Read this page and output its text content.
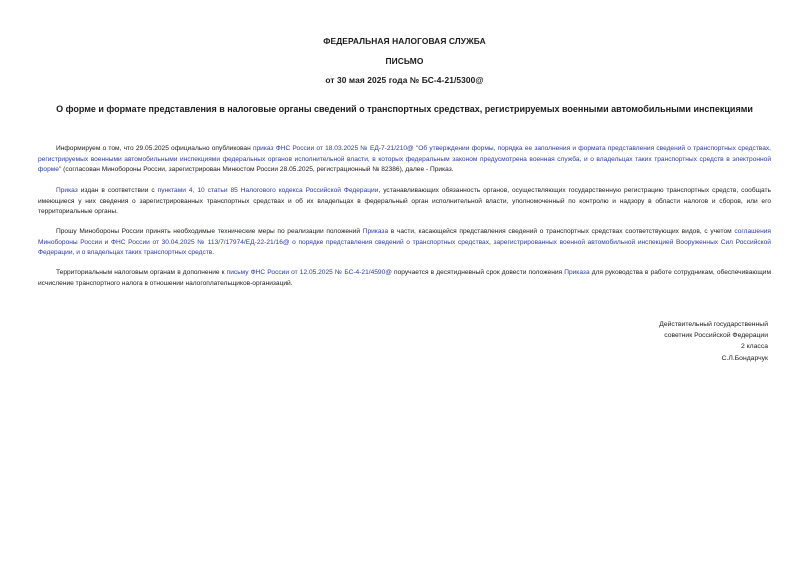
ФЕДЕРАЛЬНАЯ НАЛОГОВАЯ СЛУЖБА
ПИСЬМО
от 30 мая 2025 года № БС-4-21/5300@
О форме и формате представления в налоговые органы сведений о транспортных средствах, регистрируемых военными автомобильными инспекциями
Информируем о том, что 29.05.2025 официально опубликован приказ ФНС России от 18.03.2025 № ЕД-7-21/210@ "Об утверждении формы, порядка ее заполнения и формата представления сведений о транспортных средствах, регистрируемых военными автомобильными инспекциями федеральных органов исполнительной власти, в которых федеральным законом предусмотрена военная служба, и о владельцах таких транспортных средств в электронной форме" (согласован Минобороны России, зарегистрирован Минюстом России 28.05.2025, регистрационный № 82386), далее - Приказ.
Приказ издан в соответствии с пунктами 4, 10 статьи 85 Налогового кодекса Российской Федерации, устанавливающих обязанность органов, осуществляющих государственную регистрацию транспортных средств, сообщать имеющиеся у них сведения о зарегистрированных транспортных средствах и об их владельцах в федеральный орган исполнительной власти, уполномоченный по контролю и надзору в области налогов и сборов, или его территориальные органы.
Прошу Минобороны России принять необходимые технические меры по реализации положений Приказа в части, касающейся представления сведений о транспортных средствах соответствующих видов, с учетом соглашения Минобороны России и ФНС России от 30.04.2025 № 113/7/17974/ЕД-22-21/16@ о порядке представления сведений о транспортных средствах, зарегистрированных военной автомобильной инспекцией Вооруженных Сил Российской Федерации, и о владельцах таких транспортных средств.
Территориальным налоговым органам в дополнение к письму ФНС России от 12.05.2025 № БС-4-21/4590@ поручается в десятидневный срок довести положения Приказа для руководства в работе сотрудникам, обеспечивающим исчисление транспортного налога в отношении налогоплательщиков-организаций.
Действительный государственный
советник Российской Федерации
2 класса
С.Л.Бондарчук
